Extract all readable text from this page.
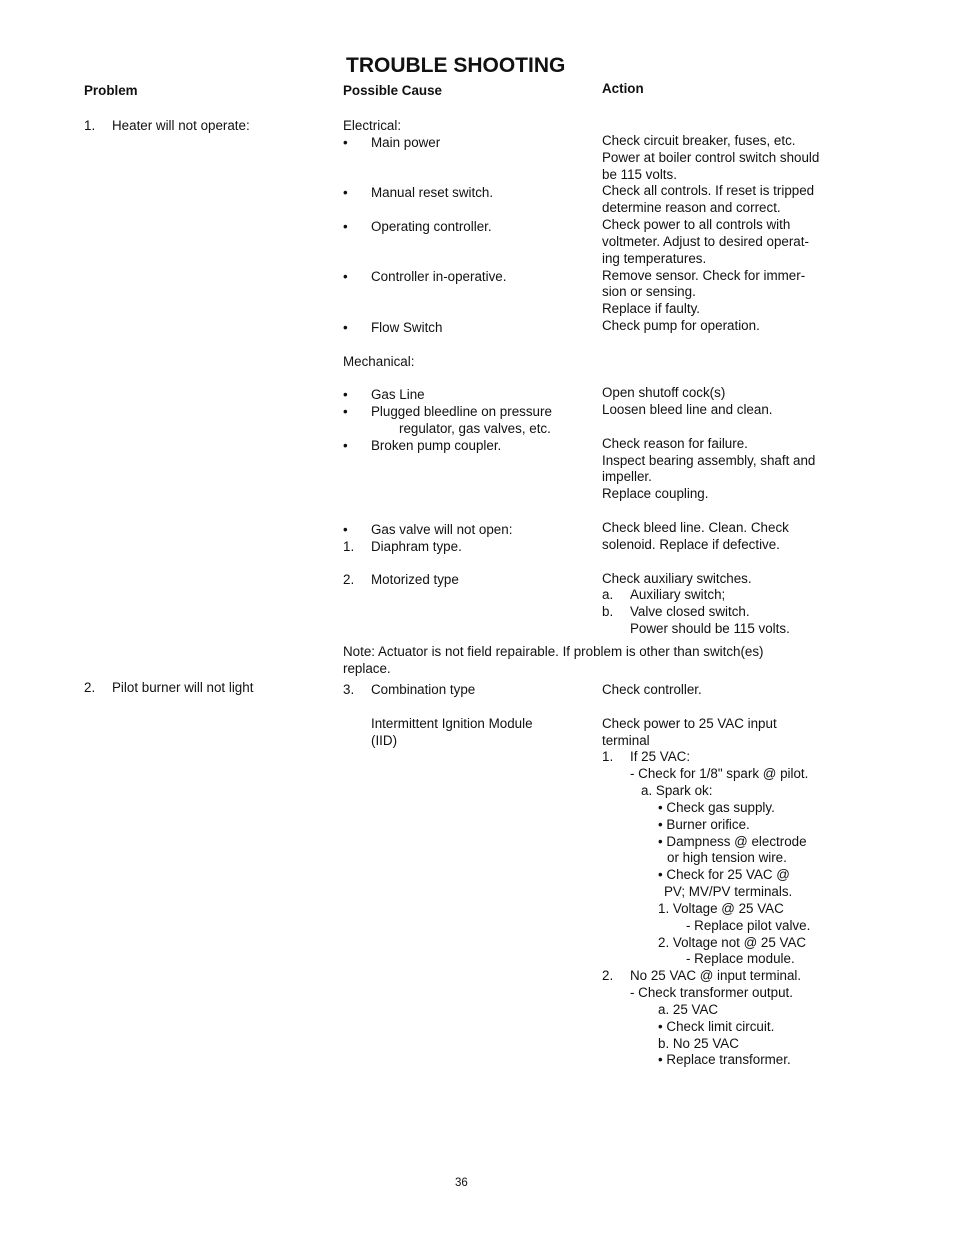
TROUBLE SHOOTING
Problem	Possible Cause	Action
1. Heater will not operate:
2. Pilot burner will not light
Electrical:
• Main power
• Manual reset switch.
• Operating controller.
• Controller in-operative.
• Flow Switch
Mechanical:
• Gas Line
• Plugged bleedline on pressure
regulator, gas valves, etc.
• Broken pump coupler.
• Gas valve will not open:
1. Diaphram type.
2. Motorized type
Note: Actuator is not field repairable. If problem is other than switch(es)
replace.
3. Combination type
Intermittent Ignition Module
(IID)
Check circuit breaker, fuses, etc.
Power at boiler control switch should
be 115 volts.
Check all controls. If reset is tripped
determine reason and correct.
Check power to all controls with
voltmeter. Adjust to desired operat-
ing temperatures.
Remove sensor. Check for immer-
sion or sensing.
Replace if faulty.
Check pump for operation.
Open shutoff cock(s)
Loosen bleed line and clean.
Check reason for failure.
Inspect bearing assembly, shaft and
impeller.
Replace coupling.
Check bleed line. Clean. Check
solenoid. Replace if defective.
Check auxiliary switches.
a. Auxiliary switch;
b. Valve closed switch.
Power should be 115 volts.
Check controller.
Check power to 25 VAC input
terminal
1. If 25 VAC:
- Check for 1/8" spark @ pilot.
a. Spark ok:
• Check gas supply.
• Burner orifice.
• Dampness @ electrode
or high tension wire.
• Check for 25 VAC @
PV; MV/PV terminals.
1. Voltage @ 25 VAC
- Replace pilot valve.
2. Voltage not @ 25 VAC
- Replace module.
2. No 25 VAC @ input terminal.
- Check transformer output.
a. 25 VAC
• Check limit circuit.
b. No 25 VAC
• Replace transformer.
36
